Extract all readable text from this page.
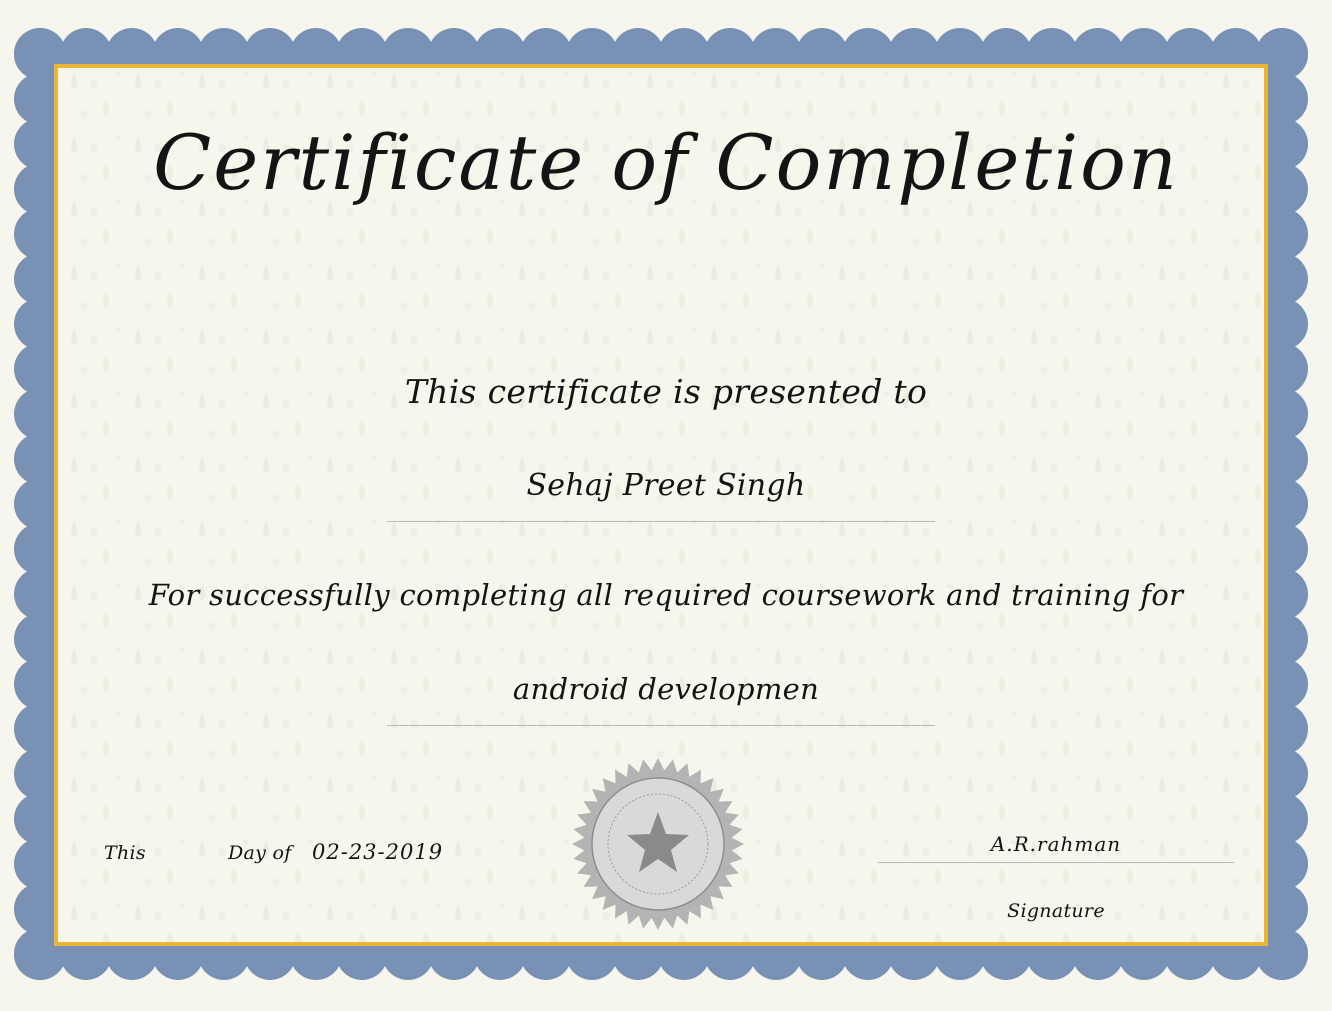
Certificate of Completion
This certificate is presented to
Sehaj Preet Singh
For successfully completing all required coursework and training for
android developmen
This	Day of 02-23-2019	A.R.rahman
Signature
